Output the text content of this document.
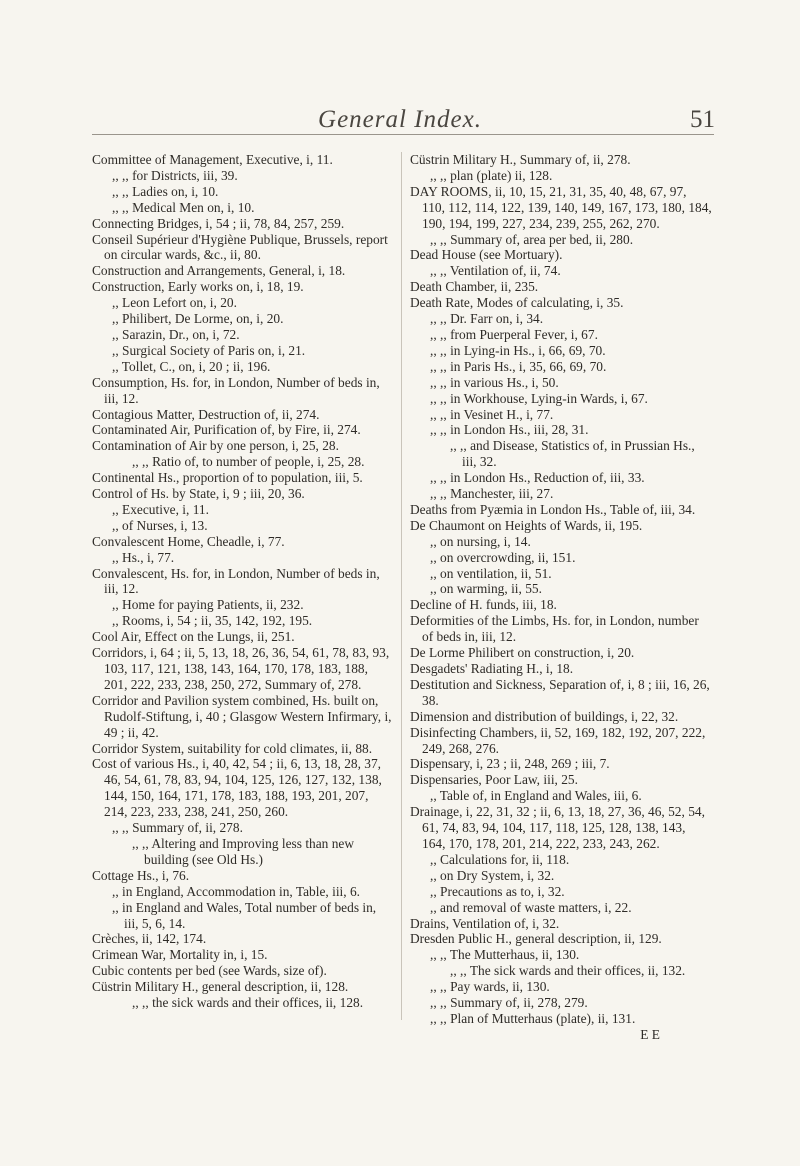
General Index.	51
Committee of Management, Executive, i, 11.
,, ,, for Districts, iii, 39.
,, ,, Ladies on, i, 10.
,, ,, Medical Men on, i, 10.
Connecting Bridges, i, 54 ; ii, 78, 84, 257, 259.
Conseil Supérieur d'Hygiène Publique, Brussels, report on circular wards, &c., ii, 80.
Construction and Arrangements, General, i, 18.
Construction, Early works on, i, 18, 19.
,, Leon Lefort on, i, 20.
,, Philibert, De Lorme, on, i, 20.
,, Sarazin, Dr., on, i, 72.
,, Surgical Society of Paris on, i, 21.
,, Tollet, C., on, i, 20 ; ii, 196.
Consumption, Hs. for, in London, Number of beds in, iii, 12.
Contagious Matter, Destruction of, ii, 274.
Contaminated Air, Purification of, by Fire, ii, 274.
Contamination of Air by one person, i, 25, 28.
,, ,, Ratio of, to number of people, i, 25, 28.
Continental Hs., proportion of to population, iii, 5.
Control of Hs. by State, i, 9 ; iii, 20, 36.
,, Executive, i, 11.
,, of Nurses, i, 13.
Convalescent Home, Cheadle, i, 77.
,, Hs., i, 77.
Convalescent, Hs. for, in London, Number of beds in, iii, 12.
,, Home for paying Patients, ii, 232.
,, Rooms, i, 54 ; ii, 35, 142, 192, 195.
Cool Air, Effect on the Lungs, ii, 251.
Corridors, i, 64 ; ii, 5, 13, 18, 26, 36, 54, 61, 78, 83, 93, 103, 117, 121, 138, 143, 164, 170, 178, 183, 188, 201, 222, 233, 238, 250, 272, Summary of, 278.
Corridor and Pavilion system combined, Hs. built on, Rudolf-Stiftung, i, 40 ; Glasgow Western Infirmary, i, 49 ; ii, 42.
Corridor System, suitability for cold climates, ii, 88.
Cost of various Hs., i, 40, 42, 54 ; ii, 6, 13, 18, 28, 37, 46, 54, 61, 78, 83, 94, 104, 125, 126, 127, 132, 138, 144, 150, 164, 171, 178, 183, 188, 193, 201, 207, 214, 223, 233, 238, 241, 250, 260.
,, ,, Summary of, ii, 278.
,, ,, Altering and Improving less than new building (see Old Hs.)
Cottage Hs., i, 76.
,, in England, Accommodation in, Table, iii, 6.
,, in England and Wales, Total number of beds in, iii, 5, 6, 14.
Crèches, ii, 142, 174.
Crimean War, Mortality in, i, 15.
Cubic contents per bed (see Wards, size of).
Cüstrin Military H., general description, ii, 128.
,, ,, the sick wards and their offices, ii, 128.
Cüstrin Military H., Summary of, ii, 278.
,, ,, plan (plate) ii, 128.
DAY ROOMS, ii, 10, 15, 21, 31, 35, 40, 48, 67, 97, 110, 112, 114, 122, 139, 140, 149, 167, 173, 180, 184, 190, 194, 199, 227, 234, 239, 255, 262, 270.
,, ,, Summary of, area per bed, ii, 280.
Dead House (see Mortuary).
,, ,, Ventilation of, ii, 74.
Death Chamber, ii, 235.
Death Rate, Modes of calculating, i, 35.
,, ,, Dr. Farr on, i, 34.
,, ,, from Puerperal Fever, i, 67.
,, ,, in Lying-in Hs., i, 66, 69, 70.
,, ,, in Paris Hs., i, 35, 66, 69, 70.
,, ,, in various Hs., i, 50.
,, ,, in Workhouse, Lying-in Wards, i, 67.
,, ,, in Vesinet H., i, 77.
,, ,, in London Hs., iii, 28, 31.
,, ,, and Disease, Statistics of, in Prussian Hs., iii, 32.
,, ,, in London Hs., Reduction of, iii, 33.
,, ,, Manchester, iii, 27.
Deaths from Pyæmia in London Hs., Table of, iii, 34.
De Chaumont on Heights of Wards, ii, 195.
,, on nursing, i, 14.
,, on overcrowding, ii, 151.
,, on ventilation, ii, 51.
,, on warming, ii, 55.
Decline of H. funds, iii, 18.
Deformities of the Limbs, Hs. for, in London, number of beds in, iii, 12.
De Lorme Philibert on construction, i, 20.
Desgadets' Radiating H., i, 18.
Destitution and Sickness, Separation of, i, 8 ; iii, 16, 26, 38.
Dimension and distribution of buildings, i, 22, 32.
Disinfecting Chambers, ii, 52, 169, 182, 192, 207, 222, 249, 268, 276.
Dispensary, i, 23 ; ii, 248, 269 ; iii, 7.
Dispensaries, Poor Law, iii, 25.
,, Table of, in England and Wales, iii, 6.
Drainage, i, 22, 31, 32 ; ii, 6, 13, 18, 27, 36, 46, 52, 54, 61, 74, 83, 94, 104, 117, 118, 125, 128, 138, 143, 164, 170, 178, 201, 214, 222, 233, 243, 262.
,, Calculations for, ii, 118.
,, on Dry System, i, 32.
,, Precautions as to, i, 32.
,, and removal of waste matters, i, 22.
Drains, Ventilation of, i, 32.
Dresden Public H., general description, ii, 129.
,, ,, The Mutterhaus, ii, 130.
,, ,, The sick wards and their offices, ii, 132.
,, ,, Pay wards, ii, 130.
,, ,, Summary of, ii, 278, 279.
,, ,, Plan of Mutterhaus (plate), ii, 131.
E E
